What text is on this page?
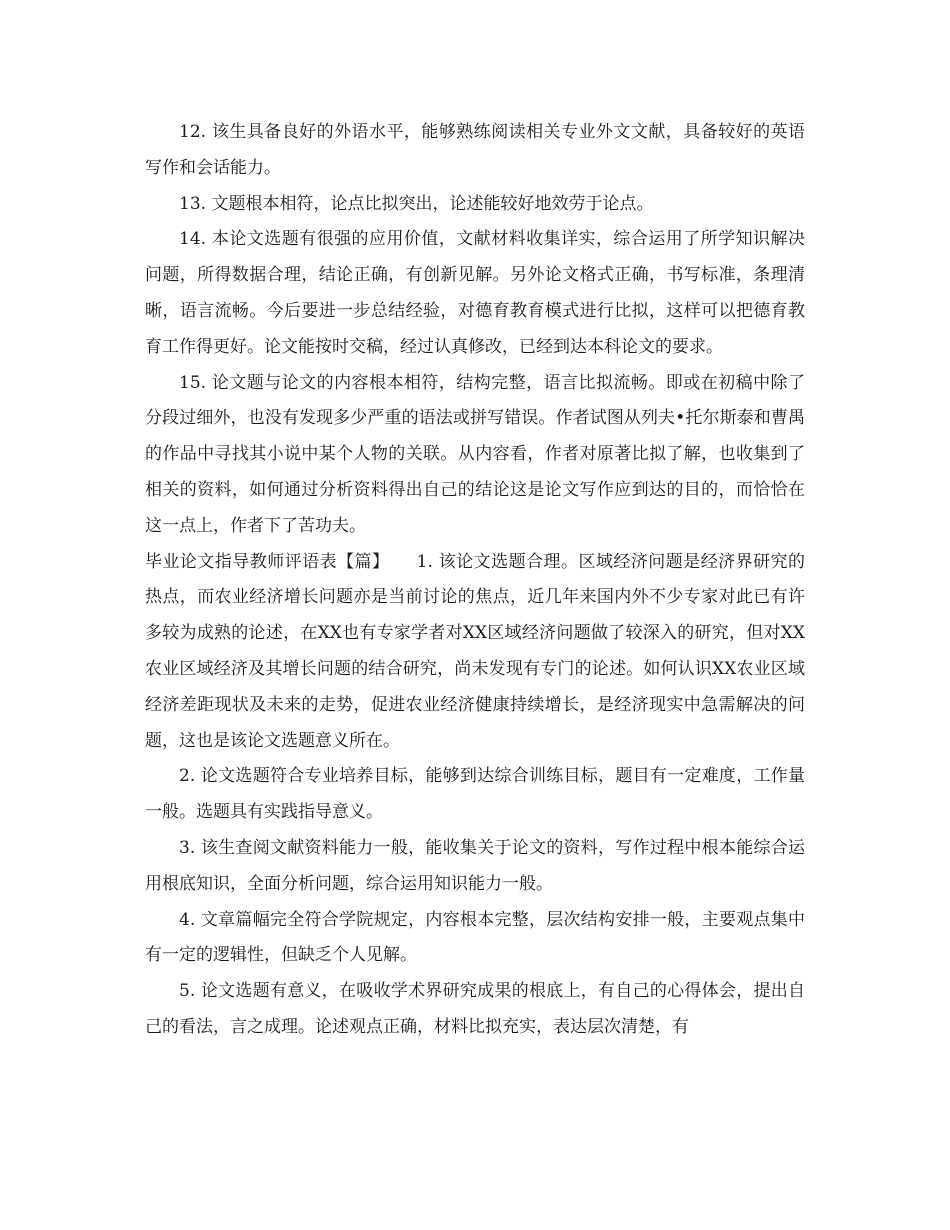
12. 该生具备良好的外语水平，能够熟练阅读相关专业外文文献，具备较好的英语写作和会话能力。

13. 文题根本相符，论点比拟突出，论述能较好地效劳于论点。

14. 本论文选题有很强的应用价值，文献材料收集详实，综合运用了所学知识解决问题，所得数据合理，结论正确，有创新见解。另外论文格式正确，书写标准，条理清晰，语言流畅。今后要进一步总结经验，对德育教育模式进行比拟，这样可以把德育教育工作得更好。论文能按时交稿，经过认真修改，已经到达本科论文的要求。

15. 论文题与论文的内容根本相符，结构完整，语言比拟流畅。即或在初稿中除了分段过细外，也没有发现多少严重的语法或拼写错误。作者试图从列夫•托尔斯泰和曹禺的作品中寻找其小说中某个人物的关联。从内容看，作者对原著比拟了解，也收集到了相关的资料，如何通过分析资料得出自己的结论这是论文写作应到达的目的，而恰恰在这一点上，作者下了苦功夫。

毕业论文指导教师评语表【篇】 1. 该论文选题合理。区域经济问题是经济界研究的热点，而农业经济增长问题亦是当前讨论的焦点，近几年来国内外不少专家对此已有许多较为成熟的论述，在XX也有专家学者对XX区域经济问题做了较深入的研究，但对XX农业区域经济及其增长问题的结合研究，尚未发现有专门的论述。如何认识XX农业区域经济差距现状及未来的走势，促进农业经济健康持续增长，是经济现实中急需解决的问题，这也是该论文选题意义所在。

2. 论文选题符合专业培养目标，能够到达综合训练目标，题目有一定难度，工作量一般。选题具有实践指导意义。

3. 该生查阅文献资料能力一般，能收集关于论文的资料，写作过程中根本能综合运用根底知识，全面分析问题，综合运用知识能力一般。

4. 文章篇幅完全符合学院规定，内容根本完整，层次结构安排一般，主要观点集中有一定的逻辑性，但缺乏个人见解。

5. 论文选题有意义，在吸收学术界研究成果的根底上，有自己的心得体会，提出自己的看法，言之成理。论述观点正确，材料比拟充实，表达层次清楚，有
